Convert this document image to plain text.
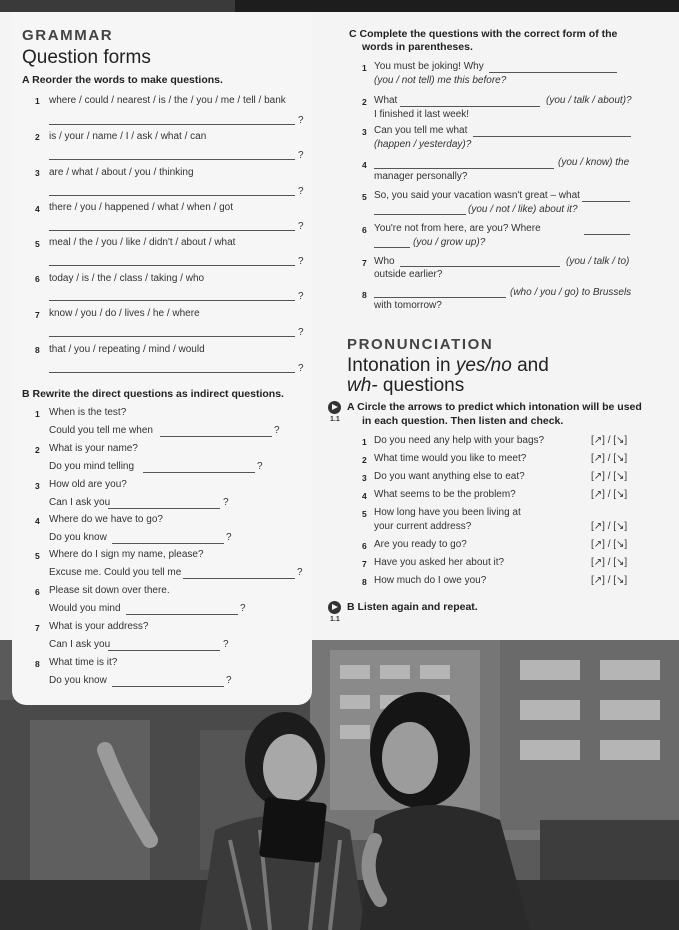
GRAMMAR
Question forms
A Reorder the words to make questions.
1 where / could / nearest / is / the / you / me / tell / bank
?
2 is / your / name / I / ask / what / can
?
3 are / what / about / you / thinking
?
4 there / you / happened / what / when / got
?
5 meal / the / you / like / didn't / about / what
?
6 today / is / the / class / taking / who
?
7 know / you / do / lives / he / where
?
8 that / you / repeating / mind / would
?
B Rewrite the direct questions as indirect questions.
1 When is the test?
Could you tell me when	?
2 What is your name?
Do you mind telling	?
3 How old are you?
Can I ask you	?
4 Where do we have to go?
Do you know	?
5 Where do I sign my name, please?
Excuse me. Could you tell me	?
6 Please sit down over there.
Would you mind	?
7 What is your address?
Can I ask you	?
8 What time is it?
Do you know	?
C Complete the questions with the correct form of the
words in parentheses.
1 You must be joking! Why
(you / not tell) me this before?
2 What	(you / talk / about)?
I finished it last week!
3 Can you tell me what
(happen / yesterday)?
4	(you / know) the
manager personally?
5 So, you said your vacation wasn't great – what
(you / not / like) about it?
6 You're not from here, are you? Where
(you / grow up)?
7 Who	(you / talk / to)
outside earlier?
8	(who / you / go) to Brussels
with tomorrow?
PRONUNCIATION
Intonation in yes/no and
wh- questions
1.1
A Circle the arrows to predict which intonation will be used
in each question. Then listen and check.
1 Do you need any help with your bags?	[↗] / [↘]
2 What time would you like to meet?	[↗] / [↘]
3 Do you want anything else to eat?	[↗] / [↘]
4 What seems to be the problem?	[↗] / [↘]
5 How long have you been living at
your current address?	[↗] / [↘]
6 Are you ready to go?	[↗] / [↘]
7 Have you asked her about it?	[↗] / [↘]
8 How much do I owe you?	[↗] / [↘]
1.1
B Listen again and repeat.
